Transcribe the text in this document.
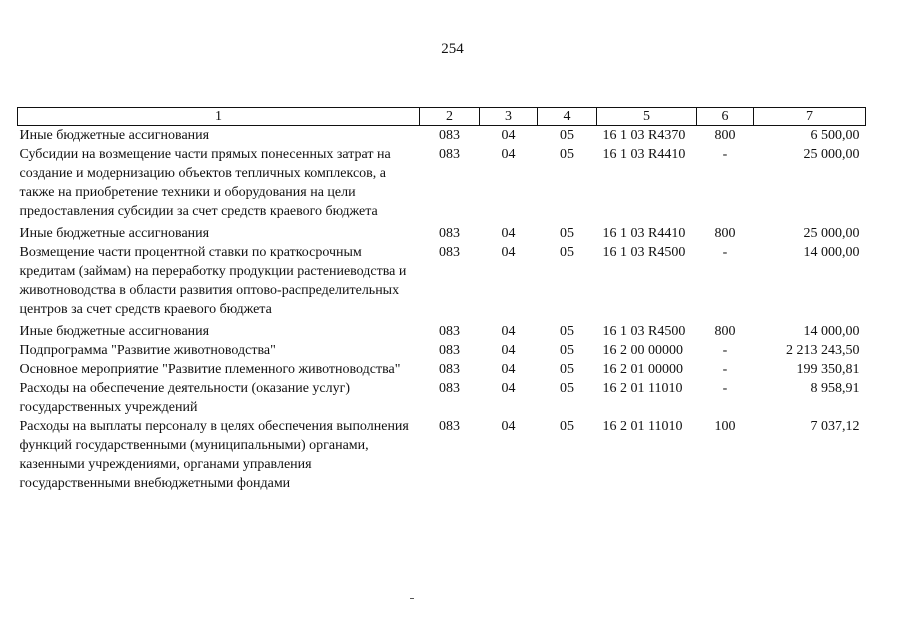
254
1	2	3	4	5	6	7
Иные бюджетные ассигнования	083	04	05	16 1 03 R4370	800	6 500,00
Субсидии на возмещение части прямых понесенных затрат на создание и модернизацию объектов тепличных комплексов, а также на приобретение техники и оборудования на цели предоставления субсидии за счет средств краевого бюджета	083	04	05	16 1 03 R4410	-	25 000,00
Иные бюджетные ассигнования	083	04	05	16 1 03 R4410	800	25 000,00
Возмещение части процентной ставки по краткосрочным кредитам (займам) на переработку продукции растениеводства и животноводства в области развития оптово-распределительных центров за счет средств краевого бюджета	083	04	05	16 1 03 R4500	-	14 000,00
Иные бюджетные ассигнования	083	04	05	16 1 03 R4500	800	14 000,00
Подпрограмма "Развитие животноводства"	083	04	05	16 2 00 00000	-	2 213 243,50
Основное мероприятие "Развитие племенного животноводства"	083	04	05	16 2 01 00000	-	199 350,81
Расходы на обеспечение деятельности (оказание услуг) государственных учреждений	083	04	05	16 2 01 11010	-	8 958,91
Расходы на выплаты персоналу в целях обеспечения выполнения функций государственными (муниципальными) органами, казенными учреждениями, органами управления государственными внебюджетными фондами	083	04	05	16 2 01 11010	100	7 037,12
